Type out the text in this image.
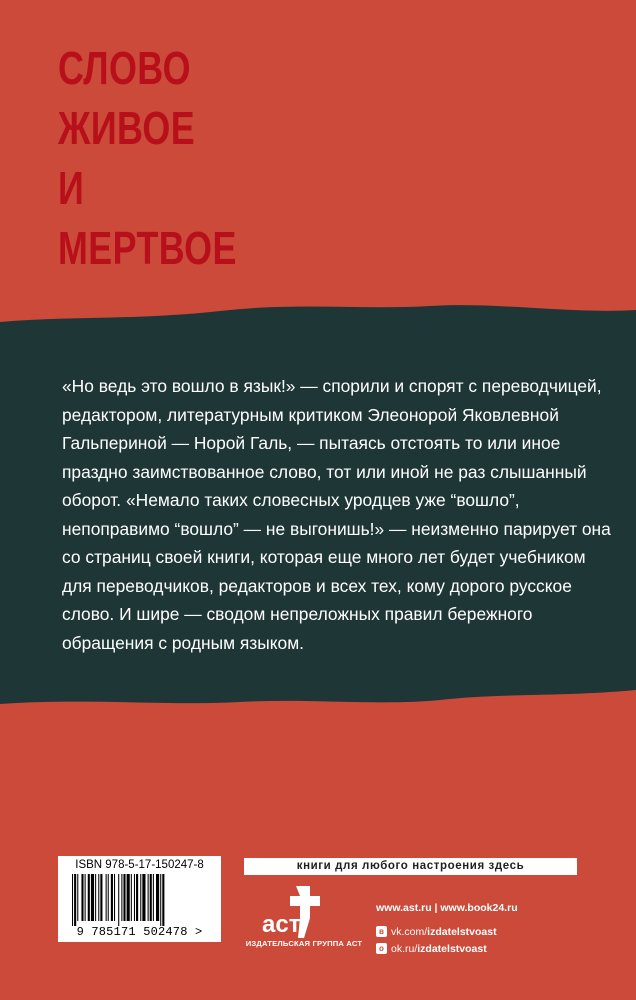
СЛОВО
ЖИВОЕ
И
МЕРТВОЕ

«Но ведь это вошло в язык!» — спорили и спорят с переводчицей,
редактором, литературным критиком Элеонорой Яковлевной
Гальпериной — Норой Галь, — пытаясь отстоять то или иное
праздно заимствованное слово, тот или иной не раз слышанный
оборот. «Немало таких словесных уродцев уже “вошло”,
непоправимо “вошло” — не выгонишь!» — неизменно парирует она
со страниц своей книги, которая еще много лет будет учебником
для переводчиков, редакторов и всех тех, кому дорого русское
слово. И шире — сводом непреложных правил бережного
обращения с родным языком.

ISBN 978-5-17-150247-8
9 785171 502478 >
книги для любого настроения здесь
аст
ИЗДАТЕЛЬСКАЯ ГРУППА АСТ
www.ast.ru | www.book24.ru
в vk.com/izdatelstvoast
о ok.ru/izdatelstvoast
